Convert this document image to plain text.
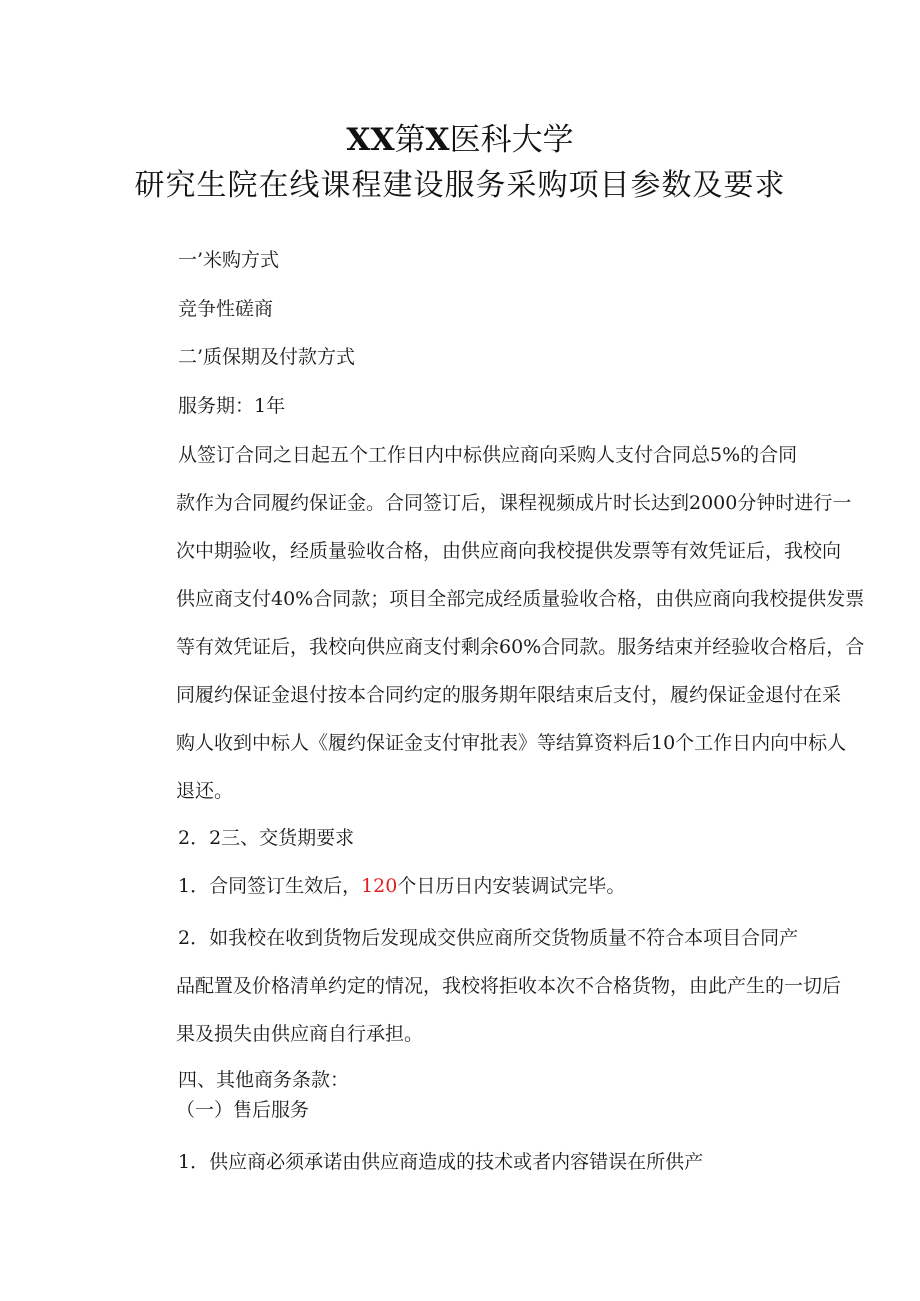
XX第X医科大学
研究生院在线课程建设服务采购项目参数及要求
一’米购方式
竞争性磋商
二’质保期及付款方式
服务期：1年
从签订合同之日起五个工作日内中标供应商向采购人支付合同总5%的合同
款作为合同履约保证金。合同签订后，课程视频成片时长达到2000分钟时进行一
次中期验收，经质量验收合格，由供应商向我校提供发票等有效凭证后，我校向
供应商支付40%合同款；项目全部完成经质量验收合格，由供应商向我校提供发票
等有效凭证后，我校向供应商支付剩余60%合同款。服务结束并经验收合格后，合
同履约保证金退付按本合同约定的服务期年限结束后支付，履约保证金退付在采
购人收到中标人《履约保证金支付审批表》等结算资料后10个工作日内向中标人
退还。
2．2三、交货期要求
1．合同签订生效后，120个日历日内安装调试完毕。
2．如我校在收到货物后发现成交供应商所交货物质量不符合本项目合同产
品配置及价格清单约定的情况，我校将拒收本次不合格货物，由此产生的一切后
果及损失由供应商自行承担。
四、其他商务条款：
（一）售后服务
1．供应商必须承诺由供应商造成的技术或者内容错误在所供产
